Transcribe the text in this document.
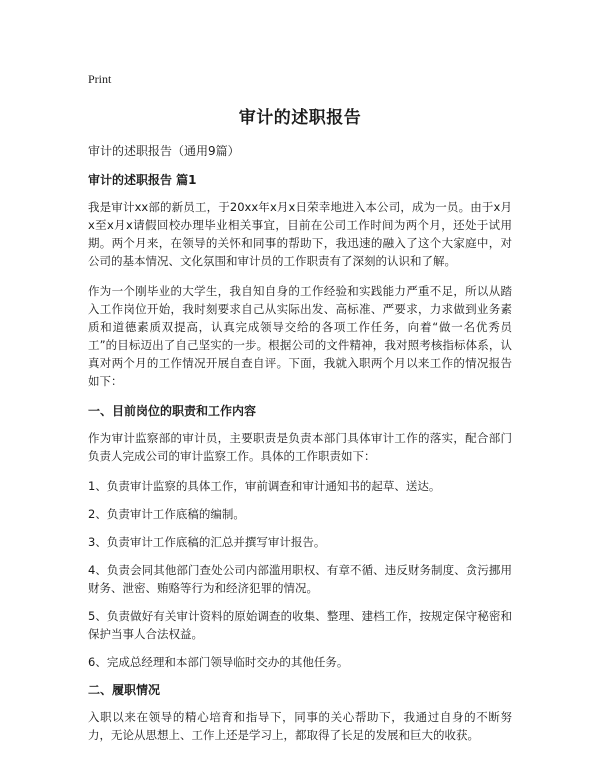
Print
审计的述职报告
审计的述职报告（通用9篇）
审计的述职报告 篇1

我是审计xx部的新员工，于20xx年x月x日荣幸地进入本公司，成为一员。由于x月x至x月x请假回校办理毕业相关事宜，目前在公司工作时间为两个月，还处于试用期。两个月来，在领导的关怀和同事的帮助下，我迅速的融入了这个大家庭中，对公司的基本情况、文化氛围和审计员的工作职责有了深刻的认识和了解。

作为一个刚毕业的大学生，我自知自身的工作经验和实践能力严重不足，所以从踏入工作岗位开始，我时刻要求自己从实际出发、高标准、严要求，力求做到业务素质和道德素质双提高，认真完成领导交给的各项工作任务，向着“做一名优秀员工”的目标迈出了自己坚实的一步。根据公司的文件精神，我对照考核指标体系，认真对两个月的工作情况开展自查自评。下面，我就入职两个月以来工作的情况报告如下：

一、目前岗位的职责和工作内容

作为审计监察部的审计员，主要职责是负责本部门具体审计工作的落实，配合部门负责人完成公司的审计监察工作。具体的工作职责如下：

1、负责审计监察的具体工作，审前调查和审计通知书的起草、送达。

2、负责审计工作底稿的编制。

3、负责审计工作底稿的汇总并撰写审计报告。

4、负责会同其他部门查处公司内部滥用职权、有章不循、违反财务制度、贪污挪用财务、泄密、贿赂等行为和经济犯罪的情况。

5、负责做好有关审计资料的原始调查的收集、整理、建档工作，按规定保守秘密和保护当事人合法权益。

6、完成总经理和本部门领导临时交办的其他任务。

二、履职情况

入职以来在领导的精心培育和指导下，同事的关心帮助下，我通过自身的不断努力，无论从思想上、工作上还是学习上，都取得了长足的发展和巨大的收获。
